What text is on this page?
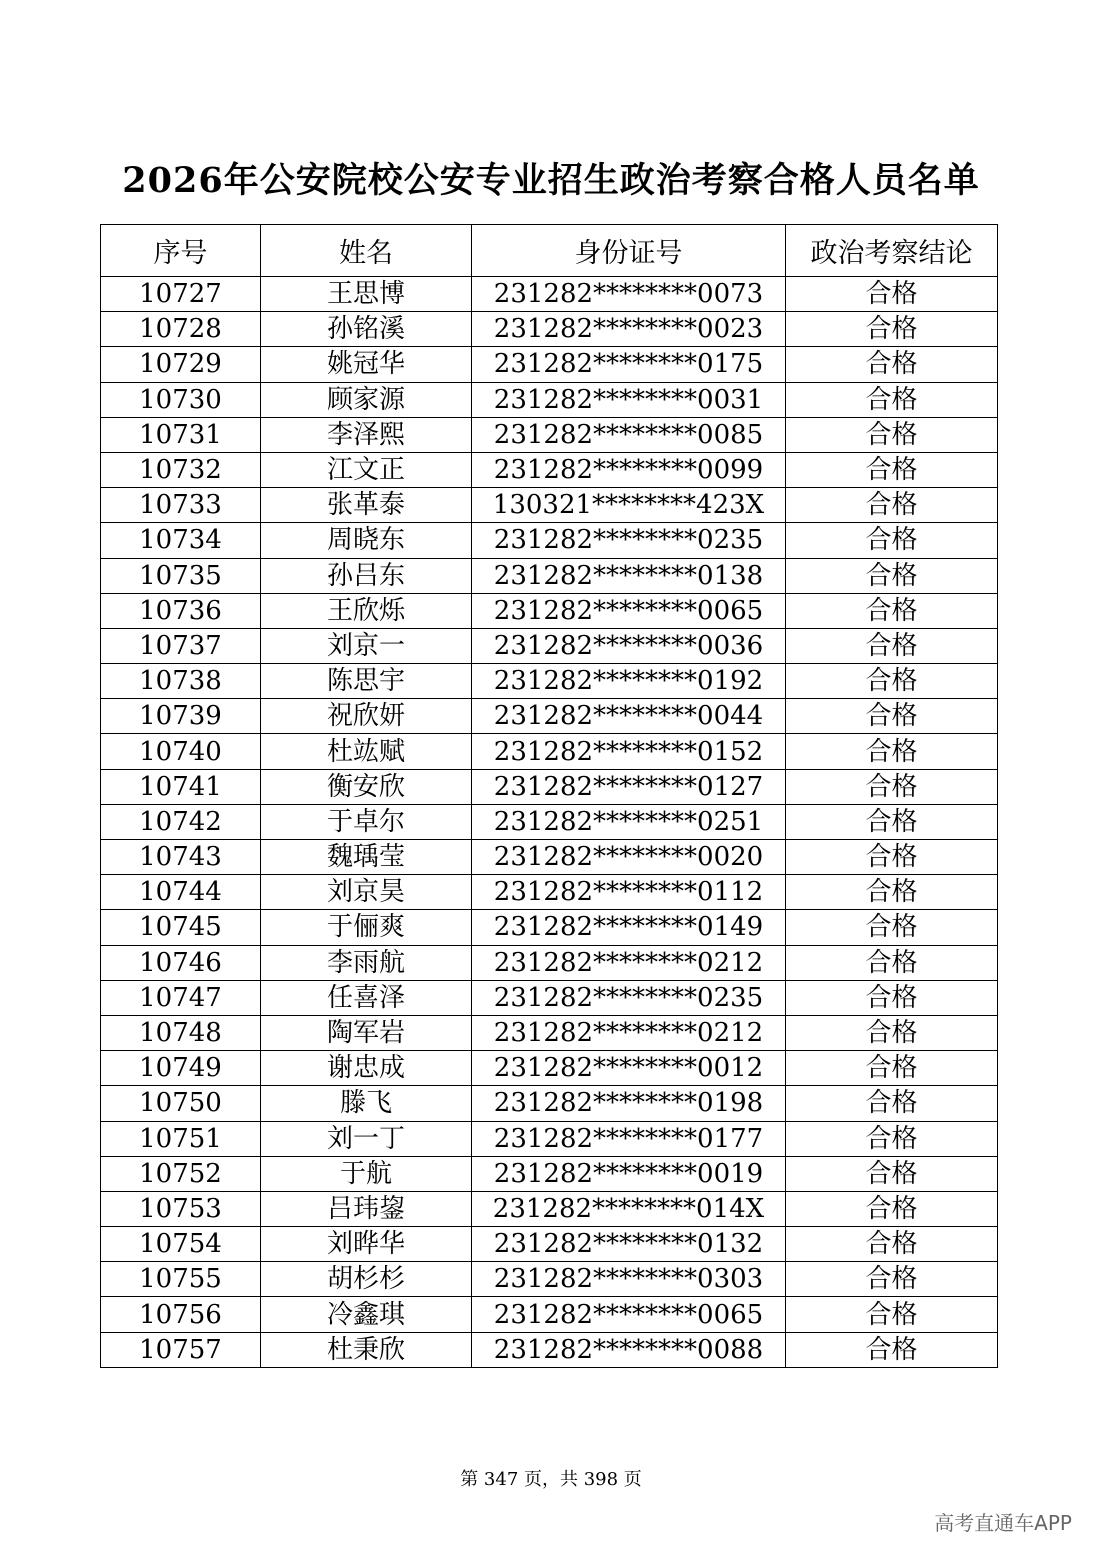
2026年公安院校公安专业招生政治考察合格人员名单
序号	姓名	身份证号	政治考察结论
10727	王思博	231282********0073	合格
10728	孙铭溪	231282********0023	合格
10729	姚冠华	231282********0175	合格
10730	顾家源	231282********0031	合格
10731	李泽熙	231282********0085	合格
10732	江文正	231282********0099	合格
10733	张革泰	130321********423X	合格
10734	周晓东	231282********0235	合格
10735	孙吕东	231282********0138	合格
10736	王欣烁	231282********0065	合格
10737	刘京一	231282********0036	合格
10738	陈思宇	231282********0192	合格
10739	祝欣妍	231282********0044	合格
10740	杜竑赋	231282********0152	合格
10741	衡安欣	231282********0127	合格
10742	于卓尔	231282********0251	合格
10743	魏瑀莹	231282********0020	合格
10744	刘京昊	231282********0112	合格
10745	于俪爽	231282********0149	合格
10746	李雨航	231282********0212	合格
10747	任喜泽	231282********0235	合格
10748	陶军岩	231282********0212	合格
10749	谢忠成	231282********0012	合格
10750	滕飞	231282********0198	合格
10751	刘一丁	231282********0177	合格
10752	于航	231282********0019	合格
10753	吕玮鋆	231282********014X	合格
10754	刘晔华	231282********0132	合格
10755	胡杉杉	231282********0303	合格
10756	冷鑫琪	231282********0065	合格
10757	杜秉欣	231282********0088	合格
第 347 页，共 398 页
高考直通车APP
